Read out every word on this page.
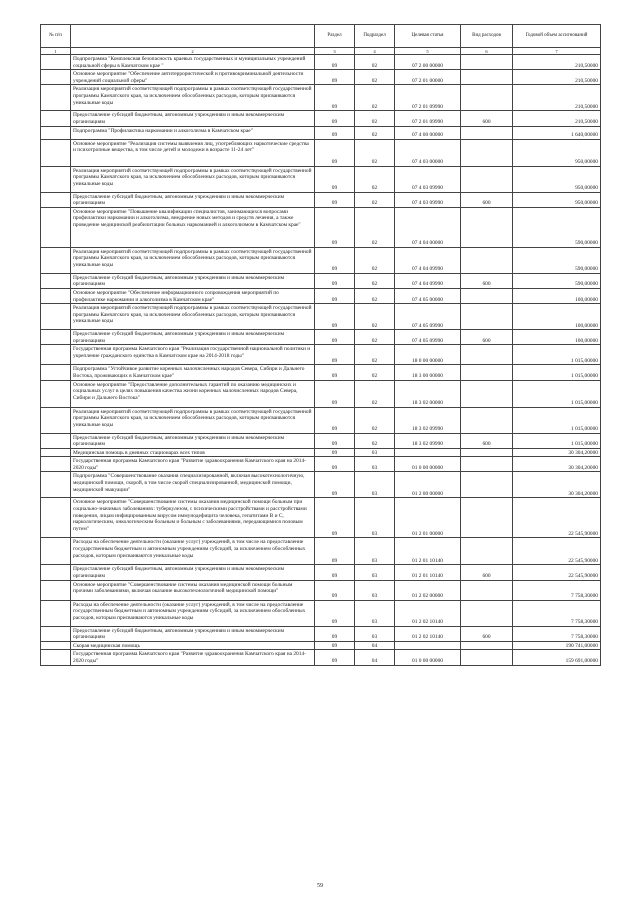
№ п/п		Раздел	Подраздел	Целевая статья	Вид расходов	Годовой объем ассигнований
1	2	3	4	5	6	7
	Подпрограмма "Комплексная безопасность краевых государственных и муниципальных учреждений социальной сферы в Камчатском крае "	09	02	07 2 00 00000		210,50000
	Основное мероприятие "Обеспечение антитеррористической и противокриминальной деятельности учреждений социальной сферы"	09	02	07 2 01 00000		210,50000
	Реализация мероприятий соответствующей подпрограммы в рамках соответствующей государственной программы Камчатского края, за исключением обособленных расходов, которым присваиваются уникальные коды	09	02	07 2 01 09990		210,50000
	Предоставление субсидий бюджетным, автономным учреждениям и иным некоммерческим организациям	09	02	07 2 01 09990	600	210,50000
	Подпрограмма "Профилактика наркомании и алкоголизма в Камчатском крае"	09	02	07 4 00 00000		1 640,00000
	Основное мероприятие "Реализация системы выявления лиц, употребляющих наркотические средства и психотропные вещества, в том числе детей и молодежи в возрасте 11-24 лет"	09	02	07 4 03 00000		950,00000
	Реализация мероприятий соответствующей подпрограммы в рамках соответствующей государственной программы Камчатского края, за исключением обособленных расходов, которым присваиваются уникальные коды	09	02	07 4 03 09990		950,00000
	Предоставление субсидий бюджетным, автономным учреждениям и иным некоммерческим организациям	09	02	07 4 03 09990	600	950,00000
	Основное мероприятие "Повышение квалификации специалистов, занимающихся вопросами профилактики наркомании и алкоголизма, внедрение новых методов и средств лечения, а также проведение медицинской реабилитации больных наркоманией и алкоголизмом в Камчатском крае"	09	02	07 4 04 00000		590,00000
	Реализация мероприятий соответствующей подпрограммы в рамках соответствующей государственной программы Камчатского края, за исключением обособленных расходов, которым присваиваются уникальные коды	09	02	07 4 04 09990		590,00000
	Предоставление субсидий бюджетным, автономным учреждениям и иным некоммерческим организациям	09	02	07 4 04 09990	600	590,00000
	Основное мероприятие "Обеспечение информационного сопровождения мероприятий по профилактике наркомании и алкоголизма в Камчатском крае"	09	02	07 4 05 00000		100,00000
	Реализация мероприятий соответствующей подпрограммы в рамках соответствующей государственной программы Камчатского края, за исключением обособленных расходов, которым присваиваются уникальные коды	09	02	07 4 05 09990		100,00000
	Предоставление субсидий бюджетным, автономным учреждениям и иным некоммерческим организациям	09	02	07 4 05 09990	600	100,00000
	Государственная программа Камчатского края "Реализация государственной национальной политики и укрепление гражданского единства в Камчатском крае на 2014-2018 годы"	09	02	18 0 00 00000		1 015,00000
	Подпрограмма "Устойчивое развитие коренных малочисленных народов Севера, Сибири и Дальнего Востока, проживающих в Камчатском крае"	09	02	18 3 00 00000		1 015,00000
	Основное мероприятие "Предоставление дополнительных гарантий по оказанию медицинских и социальных услуг в целях повышения качества жизни коренных малочисленных народов Севера, Сибири и Дальнего Востока"	09	02	18 3 02 00000		1 015,00000
	Реализация мероприятий соответствующей подпрограммы в рамках соответствующей государственной программы Камчатского края, за исключением обособленных расходов, которым присваиваются уникальные коды	09	02	18 3 02 09990		1 015,00000
	Предоставление субсидий бюджетным, автономным учреждениям и иным некоммерческим организациям	09	02	18 3 02 09990	600	1 015,00000
	Медицинская помощь в дневных стационарах всех типов	09	03			30 304,20000
	Государственная программа Камчатского края "Развитие здравоохранения Камчатского края на 2014-2020 годы"	09	03	01 0 00 00000		30 304,20000
	Подпрограмма "Совершенствование оказания специализированной, включая высокотехнологичную, медицинской помощи, скорой, в том числе скорой специализированной, медицинской помощи, медицинской эвакуации"	09	03	01 2 00 00000		30 304,20000
	Основное мероприятие "Совершенствование системы оказания медицинской помощи больным при социально-значимых заболеваниях: туберкулезом, с психическими расстройствами и расстройствами поведения, лицам инфицированным вирусом иммунодефицита человека, гепатитами В и С, наркологическим, онкологическим больным и больным с заболеваниями, передающимися половым путем"	09	03	01 2 01 00000		22 545,90000
	Расходы на обеспечение деятельности (оказание услуг) учреждений, в том числе на предоставление государственным бюджетным и автономным учреждениям субсидий, за исключением обособленных расходов, которым присваиваются уникальные коды	09	03	01 2 01 10140		22 545,90000
	Предоставление субсидий бюджетным, автономным учреждениям и иным некоммерческим организациям	09	03	01 2 01 10140	600	22 545,90000
	Основное мероприятие "Совершенствование системы оказания медицинской помощи больным прочими заболеваниями, включая оказание высокотехнологичной медицинской помощи"	09	03	01 2 02 00000		7 758,30000
	Расходы на обеспечение деятельности (оказание услуг) учреждений, в том числе на предоставление государственным бюджетным и автономным учреждениям субсидий, за исключением обособленных расходов, которым присваиваются уникальные коды	09	03	01 2 02 10140		7 758,30000
	Предоставление субсидий бюджетным, автономным учреждениям и иным некоммерческим организациям	09	03	01 2 02 10140	600	7 758,30000
	Скорая медицинская помощь	09	04			190 741,00000
	Государственная программа Камчатского края "Развитие здравоохранения Камчатского края на 2014-2020 годы"	09	04	01 0 00 00000		159 691,00000
59
